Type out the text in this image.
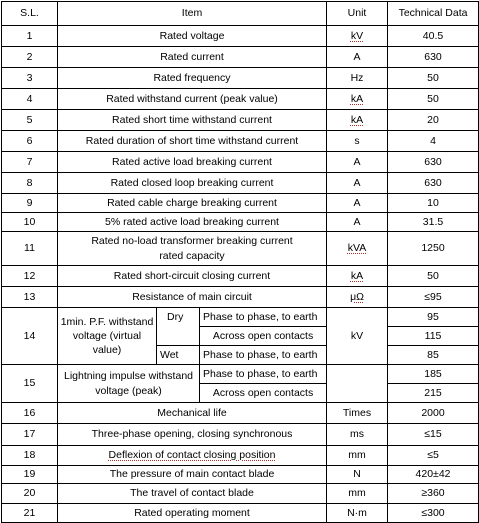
S.L.	Item			Unit	Technical Data
1	Rated voltage			kV	40.5
2	Rated current			A	630
3	Rated frequency			Hz	50
4	Rated withstand current (peak value)			kA	50
5	Rated short time withstand current			kA	20
6	Rated duration of short time withstand current			s	4
7	Rated active load breaking current			A	630
8	Rated closed loop breaking current			A	630
9	Rated cable charge breaking current			A	10
10	5% rated active load breaking current			A	31.5
11	Rated no-load transformer breaking current rated capacity			kVA	1250
12	Rated short-circuit closing current			kA	50
13	Resistance of main circuit			μΩ	≤95
14	1min. P.F. withstand voltage (virtual value)	Dry	Phase to phase, to earth	kV	95
			Across open contacts		115
		Wet	Phase to phase, to earth		85
15	Lightning impulse withstand voltage (peak)		Phase to phase, to earth		185
			Across open contacts		215
16	Mechanical life			Times	2000
17	Three-phase opening, closing synchronous			ms	≤15
18	Deflexion of contact closing position			mm	≤5
19	The pressure of main contact blade			N	420±42
20	The travel of contact blade			mm	≥360
21	Rated operating moment			N·m	≤300
